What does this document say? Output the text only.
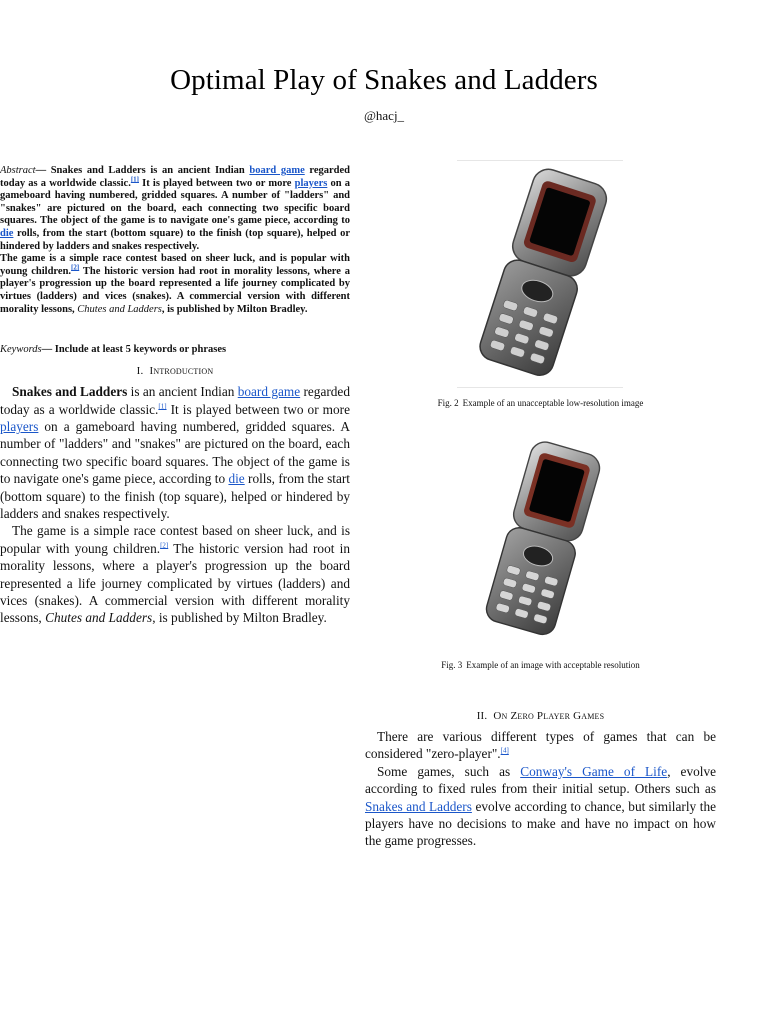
Optimal Play of Snakes and Ladders
@hacj_

Abstract— Snakes and Ladders is an ancient Indian board game regarded today as a worldwide classic.[1] It is played between two or more players on a gameboard having numbered, gridded squares. A number of "ladders" and "snakes" are pictured on the board, each connecting two specific board squares. The object of the game is to navigate one's game piece, according to die rolls, from the start (bottom square) to the finish (top square), helped or hindered by ladders and snakes respectively.

The game is a simple race contest based on sheer luck, and is popular with young children.[2] The historic version had root in morality lessons, where a player's progression up the board represented a life journey complicated by virtues (ladders) and vices (snakes). A commercial version with different morality lessons, Chutes and Ladders, is published by Milton Bradley.

Keywords— Include at least 5 keywords or phrases
I. Introduction

Snakes and Ladders is an ancient Indian board game regarded today as a worldwide classic.[1] It is played between two or more players on a gameboard having numbered, gridded squares. A number of "ladders" and "snakes" are pictured on the board, each connecting two specific board squares. The object of the game is to navigate one's game piece, according to die rolls, from the start (bottom square) to the finish (top square), helped or hindered by ladders and snakes respectively.

The game is a simple race contest based on sheer luck, and is popular with young children.[2] The historic version had root in morality lessons, where a player's progression up the board represented a life journey complicated by virtues (ladders) and vices (snakes). A commercial version with different morality lessons, Chutes and Ladders, is published by Milton Bradley.

Fig. 2 Example of an unacceptable low-resolution image
Fig. 3 Example of an image with acceptable resolution
II. On Zero Player Games

There are various different types of games that can be considered "zero-player".[4]

Some games, such as Conway's Game of Life, evolve according to fixed rules from their initial setup. Others such as Snakes and Ladders evolve according to chance, but similarly the players have no decisions to make and have no impact on how the game progresses.
